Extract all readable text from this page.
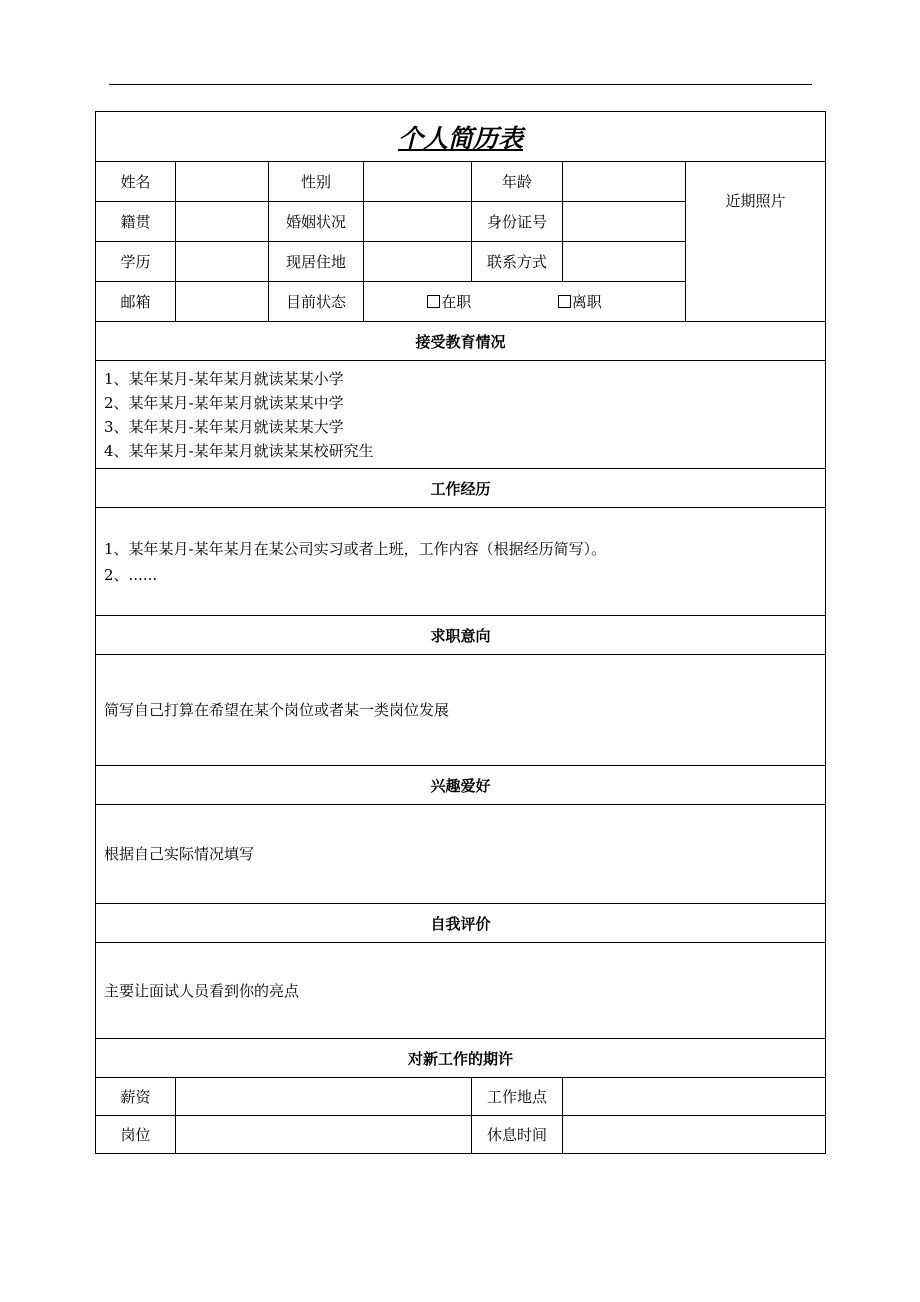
个人简历表						
姓名		性别		年龄		近期照片
籍贯		婚姻状况		身份证号		
学历		现居住地		联系方式		
邮箱		目前状态	在职 离职			

接受教育情况						

1、某年某月-某年某月就读某某小学
2、某年某月-某年某月就读某某中学
3、某年某月-某年某月就读某某大学
4、某年某月-某年某月就读某某校研究生						

工作经历						

1、某年某月-某年某月在某公司实习或者上班，工作内容（根据经历简写）。
2、......						

求职意向						
简写自己打算在希望在某个岗位或者某一类岗位发展						
兴趣爱好						
根据自己实际情况填写						
自我评价						
主要让面试人员看到你的亮点						
对新工作的期许						
薪资				工作地点		
岗位				休息时间		
